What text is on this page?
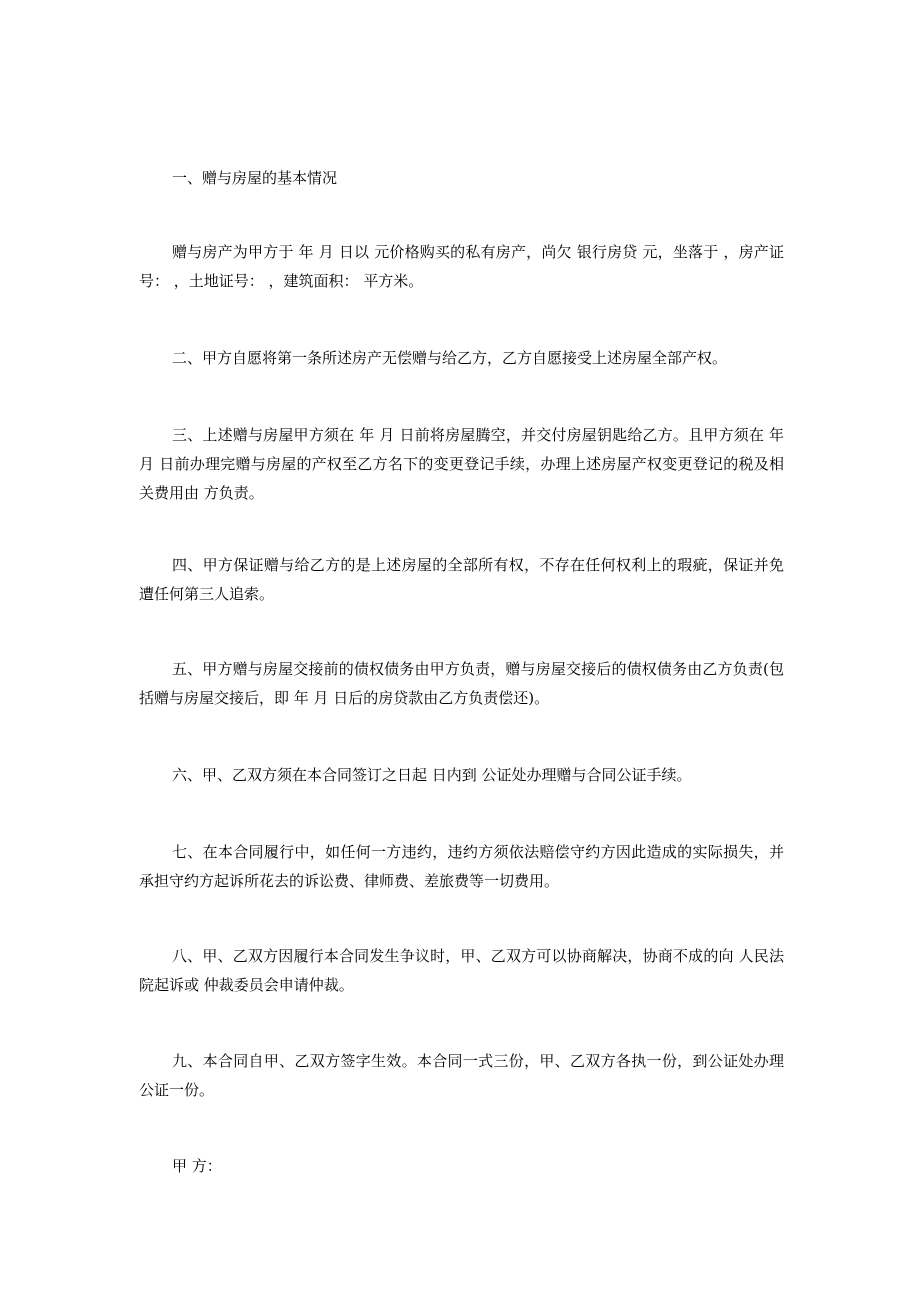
一、赠与房屋的基本情况

赠与房产为甲方于 年 月 日以 元价格购买的私有房产，尚欠 银行房贷 元，坐落于 ，房产证号： ，土地证号： ，建筑面积： 平方米。

二、甲方自愿将第一条所述房产无偿赠与给乙方，乙方自愿接受上述房屋全部产权。

三、上述赠与房屋甲方须在 年 月 日前将房屋腾空，并交付房屋钥匙给乙方。且甲方须在 年 月 日前办理完赠与房屋的产权至乙方名下的变更登记手续，办理上述房屋产权变更登记的税及相关费用由 方负责。

四、甲方保证赠与给乙方的是上述房屋的全部所有权，不存在任何权利上的瑕疵，保证并免遭任何第三人追索。

五、甲方赠与房屋交接前的债权债务由甲方负责，赠与房屋交接后的债权债务由乙方负责(包括赠与房屋交接后，即 年 月 日后的房贷款由乙方负责偿还)。

六、甲、乙双方须在本合同签订之日起 日内到 公证处办理赠与合同公证手续。

七、在本合同履行中，如任何一方违约，违约方须依法赔偿守约方因此造成的实际损失，并承担守约方起诉所花去的诉讼费、律师费、差旅费等一切费用。

八、甲、乙双方因履行本合同发生争议时，甲、乙双方可以协商解决，协商不成的向 人民法院起诉或 仲裁委员会申请仲裁。

九、本合同自甲、乙双方签字生效。本合同一式三份，甲、乙双方各执一份，到公证处办理公证一份。

甲 方：
